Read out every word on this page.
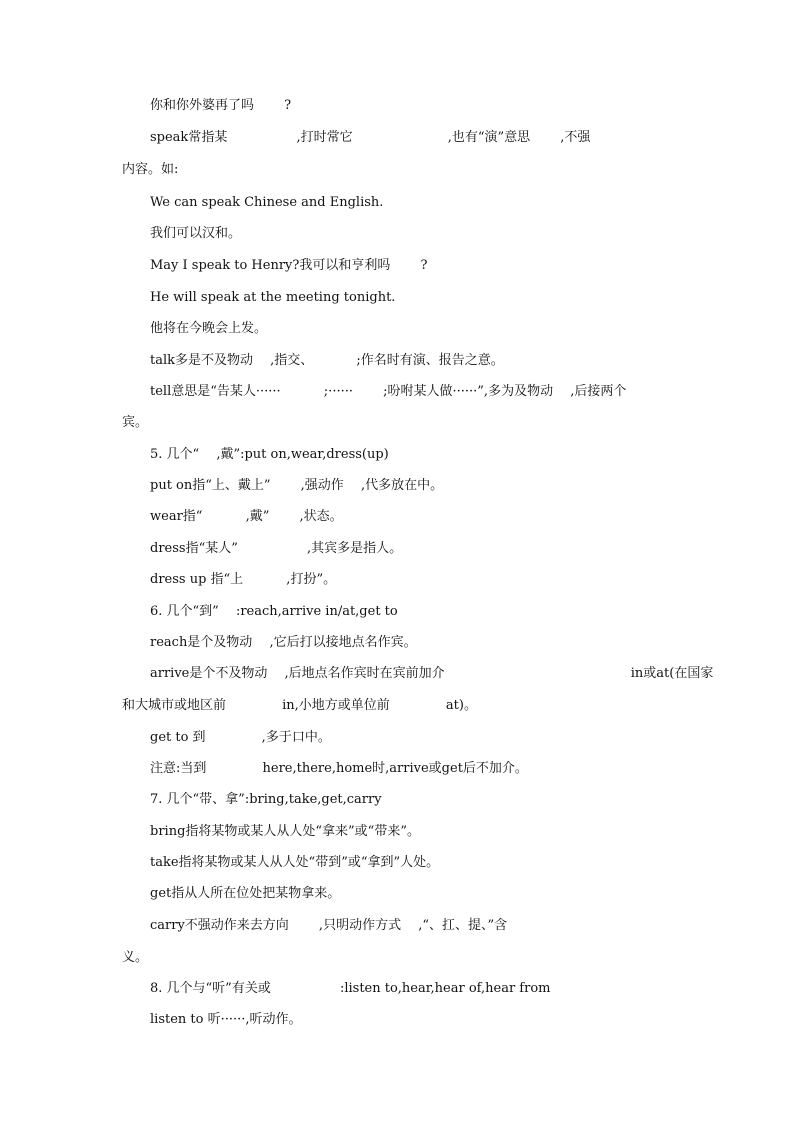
你和你外婆再了吗 　　?
speak常指某 　　　　　,打时常它 　　　　　　　,也有“演”意思 　　,不强
内容。如:
We can speak Chinese and English.
我们可以汉和。
May I speak to Henry?我可以和亨利吗 　　?
He will speak at the meeting tonight.
他将在今晚会上发。
talk多是不及物动 　,指交、 　　　;作名时有演、报告之意。
tell意思是“告某人······ 　　　;······ 　　;吩咐某人做······”,多为及物动 　,后接两个
宾。
5. 几个“ 　,戴”:put on,wear,dress(up)
put on指“上、戴上” 　　,强动作 　,代多放在中。
wear指“ 　　　,戴” 　　,状态。
dress指“某人” 　　　　　,其宾多是指人。
dress up 指“上 　　　,打扮”。
6. 几个“到” 　:reach,arrive in/at,get to
reach是个及物动 　,它后打以接地点名作宾。
arrive是个不及物动 　,后地点名作宾时在宾前加介 　　　　　　　　　　　　　　in或at(在国家
和大城市或地区前 　　　　in,小地方或单位前 　　　　at)。
get to 到 　　　　,多于口中。
注意:当到 　　　　here,there,home时,arrive或get后不加介。
7. 几个“带、拿”:bring,take,get,carry
bring指将某物或某人从人处“拿来”或“带来”。
take指将某物或某人从人处“带到”或“拿到”人处。
get指从人所在位处把某物拿来。
carry不强动作来去方向 　　,只明动作方式 　,“、扛、提、”含
义。
8. 几个与“听”有关或 　　　　　:listen to,hear,hear of,hear from
listen to 听······,听动作。
